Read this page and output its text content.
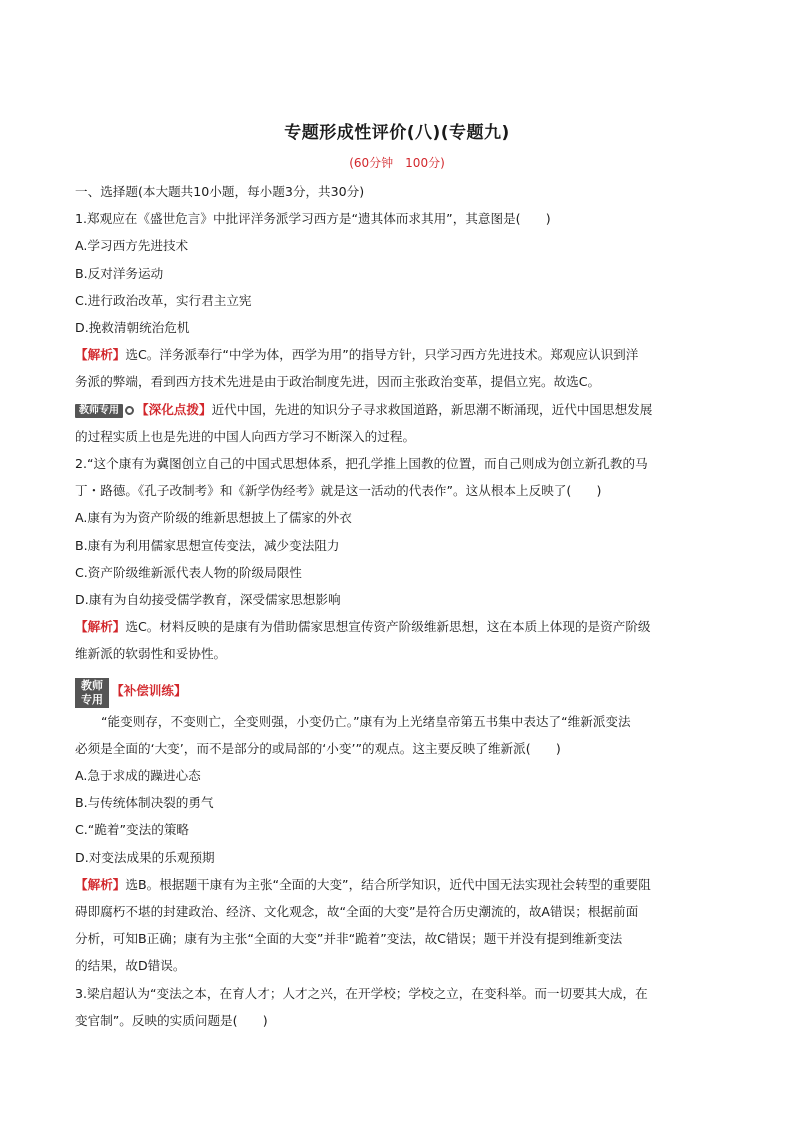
专题形成性评价(八)(专题九)
(60分钟　100分)
一、选择题(本大题共10小题，每小题3分，共30分)
1.郑观应在《盛世危言》中批评洋务派学习西方是“遗其体而求其用”，其意图是(　　)
A.学习西方先进技术
B.反对洋务运动
C.进行政治改革，实行君主立宪
D.挽救清朝统治危机
【解析】选C。洋务派奉行“中学为体，西学为用”的指导方针，只学习西方先进技术。郑观应认识到洋
务派的弊端，看到西方技术先进是由于政治制度先进，因而主张政治变革，提倡立宪。故选C。
教师专用 【深化点拨】近代中国，先进的知识分子寻求救国道路，新思潮不断涌现，近代中国思想发展
的过程实质上也是先进的中国人向西方学习不断深入的过程。
2.“这个康有为冀图创立自己的中国式思想体系，把孔学推上国教的位置，而自己则成为创立新孔教的马
丁・路德。《孔子改制考》和《新学伪经考》就是这一活动的代表作”。这从根本上反映了(　　)
A.康有为为资产阶级的维新思想披上了儒家的外衣
B.康有为利用儒家思想宣传变法，减少变法阻力
C.资产阶级维新派代表人物的阶级局限性
D.康有为自幼接受儒学教育，深受儒家思想影响
【解析】选C。材料反映的是康有为借助儒家思想宣传资产阶级维新思想，这在本质上体现的是资产阶级
维新派的软弱性和妥协性。
教师
专用【补偿训练】
“能变则存，不变则亡，全变则强，小变仍亡。”康有为上光绪皇帝第五书集中表达了“维新派变法
必须是全面的‘大变’，而不是部分的或局部的‘小变’”的观点。这主要反映了维新派(　　)
A.急于求成的躁进心态
B.与传统体制决裂的勇气
C.“跪着”变法的策略
D.对变法成果的乐观预期
【解析】选B。根据题干康有为主张“全面的大变”，结合所学知识，近代中国无法实现社会转型的重要阻
碍即腐朽不堪的封建政治、经济、文化观念，故“全面的大变”是符合历史潮流的，故A错误；根据前面
分析，可知B正确；康有为主张“全面的大变”并非“跪着”变法，故C错误；题干并没有提到维新变法
的结果，故D错误。
3.梁启超认为“变法之本，在育人才；人才之兴，在开学校；学校之立，在变科举。而一切要其大成，在
变官制”。反映的实质问题是(　　)
